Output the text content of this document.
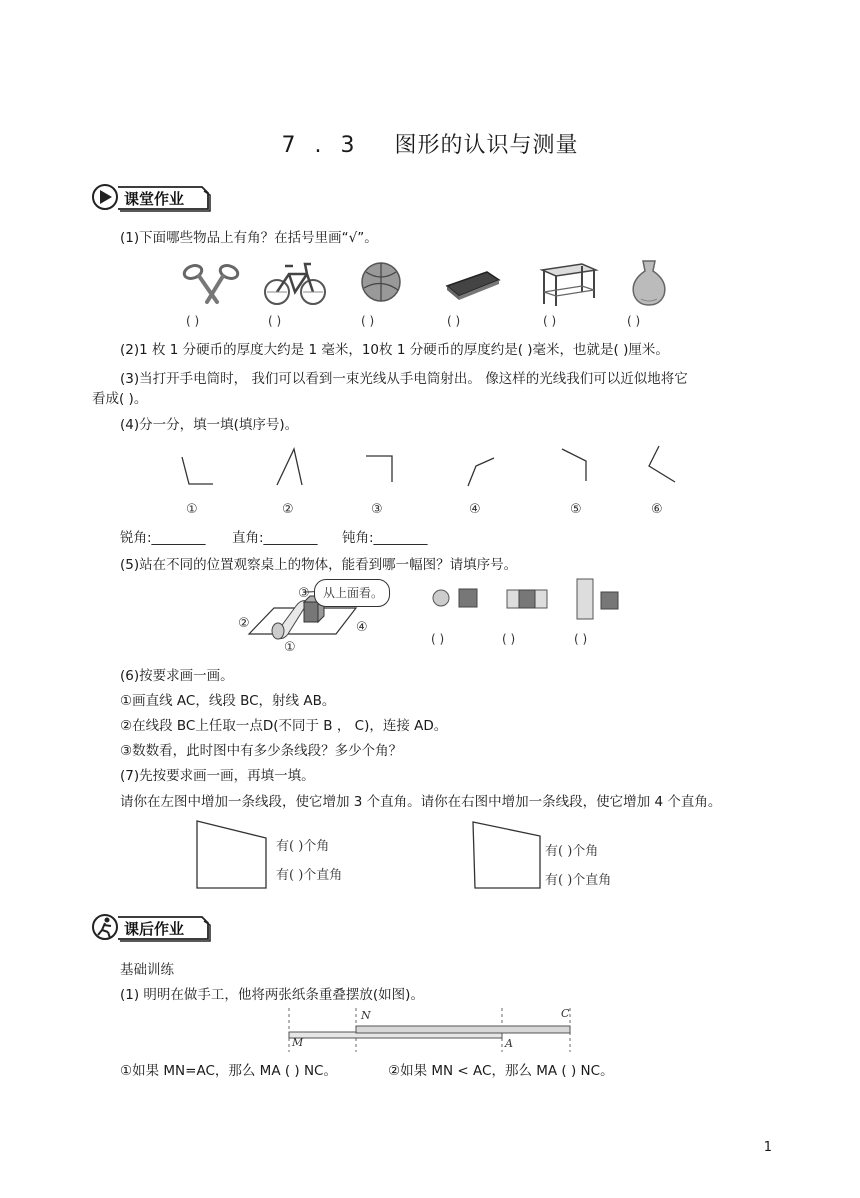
7 . 3 图形的认识与测量
课堂作业
(1)下面哪些物品上有角？在括号里画“√”。
( )	( )	( )	( )	( )	( )
(2)1 枚 1 分硬币的厚度大约是 1 毫米，10枚 1 分硬币的厚度约是( )毫米，也就是( )厘米。
(3)当打开手电筒时， 我们可以看到一束光线从手电筒射出。 像这样的光线我们可以近似地将它
看成( )。
(4)分一分，填一填(填序号)。
①	②	③	④	⑤	⑥
锐角:________ 直角:________ 钝角:________
(5)站在不同的位置观察桌上的物体，能看到哪一幅图？请填序号。
从上面看。
③
②	④
①
( )	( )	( )
(6)按要求画一画。
①画直线 AC，线段 BC，射线 AB。
②在线段 BC上任取一点D(不同于 B ， C)，连接 AD。
③数数看，此时图中有多少条线段？多少个角？
(7)先按要求画一画，再填一填。
请你在左图中增加一条线段，使它增加 3 个直角。请你在右图中增加一条线段，使它增加 4 个直角。
有( )个角
有( )个直角
有( )个角
有( )个直角
课后作业
基础训练
(1) 明明在做手工，他将两张纸条重叠摆放(如图)。
M
N
A
C
①如果 MN=AC，那么 MA ( ) NC。	②如果 MN < AC，那么 MA ( ) NC。
1
